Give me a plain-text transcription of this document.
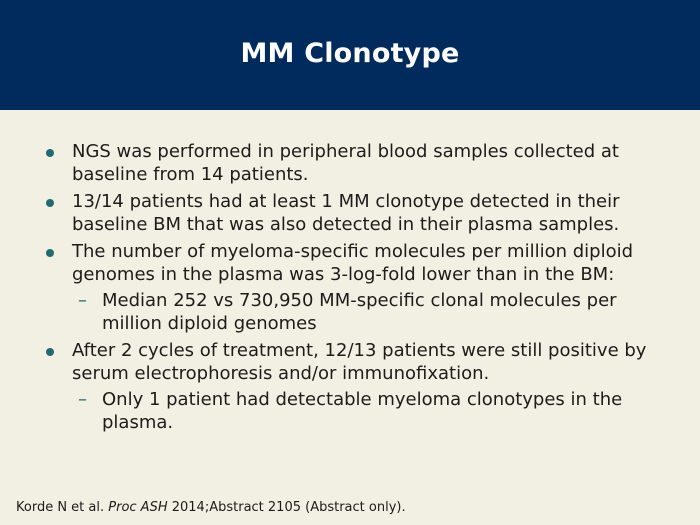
MM Clonotype
NGS was performed in peripheral blood samples collected at baseline from 14 patients.
13/14 patients had at least 1 MM clonotype detected in their baseline BM that was also detected in their plasma samples.
The number of myeloma-specific molecules per million diploid genomes in the plasma was 3-log-fold lower than in the BM:
– Median 252 vs 730,950 MM-specific clonal molecules per million diploid genomes
After 2 cycles of treatment, 12/13 patients were still positive by serum electrophoresis and/or immunofixation.
– Only 1 patient had detectable myeloma clonotypes in the plasma.
Korde N et al. Proc ASH 2014;Abstract 2105 (Abstract only).
